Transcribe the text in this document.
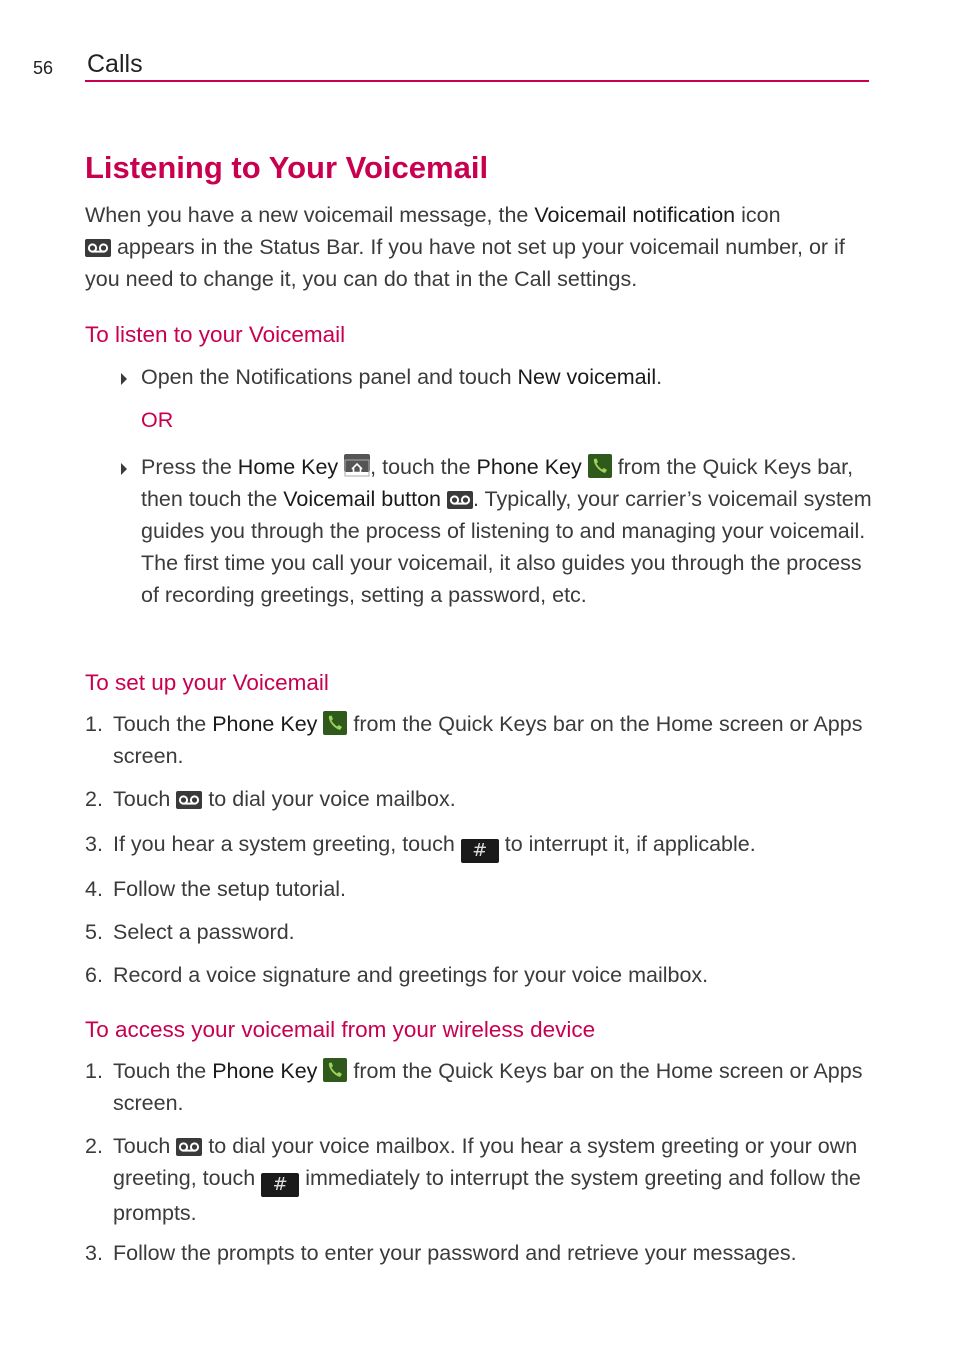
56 Calls
Listening to Your Voicemail

When you have a new voicemail message, the Voicemail notification icon

appears in the Status Bar. If you have not set up your voicemail number, or if you need to change it, you can do that in the Call settings.

To listen to your Voicemail

Open the Notifications panel and touch New voicemail.

OR

Press the Home Key , touch the Phone Key  from the Quick Keys bar, then touch the Voicemail button . Typically, your carrier’s voicemail system guides you through the process of listening to and managing your voicemail. The first time you call your voicemail, it also guides you through the process of recording greetings, setting a password, etc.

To set up your Voicemail

1. Touch the Phone Key  from the Quick Keys bar on the Home screen or Apps screen.

2. Touch
to dial your voice mailbox.

3. If you hear a system greeting, touch # to interrupt it, if applicable.

4. Follow the setup tutorial.

5. Select a password.

6. Record a voice signature and greetings for your voice mailbox.

To access your voicemail from your wireless device

1. Touch the Phone Key  from the Quick Keys bar on the Home screen or Apps screen.

2. Touch
to dial your voice mailbox. If you hear a system greeting or your own greeting, touch # immediately to interrupt the system greeting and follow the prompts.

3. Follow the prompts to enter your password and retrieve your messages.
